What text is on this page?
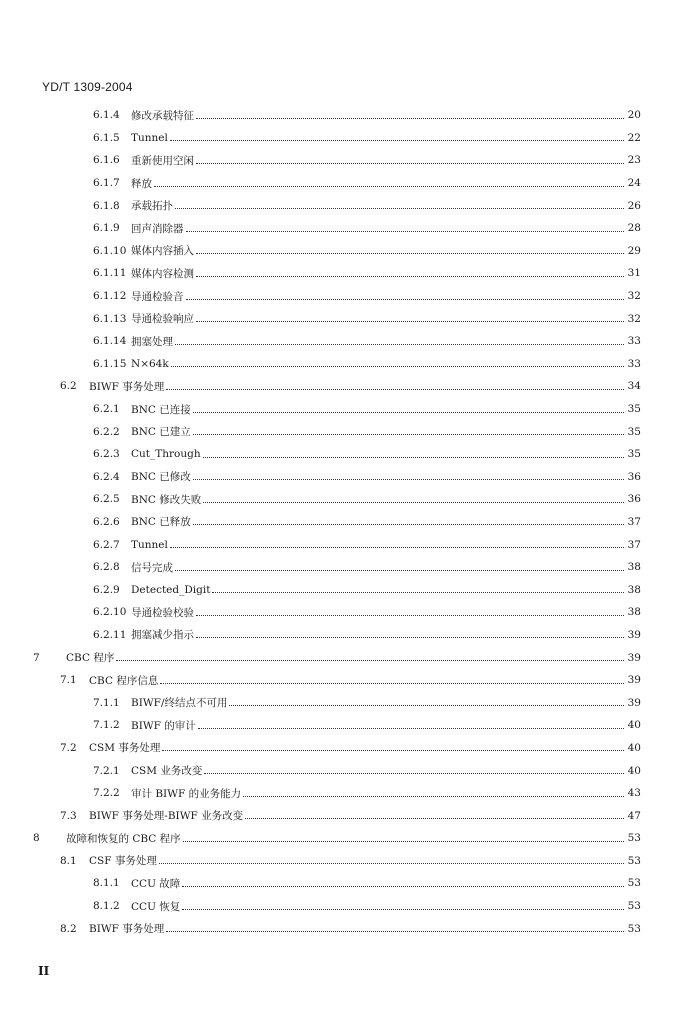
YD/T 1309-2004
6.1.4	修改承载特征	20
6.1.5	Tunnel	22
6.1.6	重新使用空闲	23
6.1.7	释放	24
6.1.8	承载拓扑	26
6.1.9	回声消除器	28
6.1.10 媒体内容插入	29
6.1.11 媒体内容检测	31
6.1.12 导通检验音	32
6.1.13 导通检验响应	32
6.1.14 拥塞处理	33
6.1.15 N×64k	33
6.2	BIWF 事务处理	34
6.2.1	BNC 已连接	35
6.2.2	BNC 已建立	35
6.2.3	Cut_Through	35
6.2.4	BNC 已修改	36
6.2.5	BNC 修改失败	36
6.2.6	BNC 已释放	37
6.2.7	Tunnel	37
6.2.8	信号完成	38
6.2.9	Detected_Digit	38
6.2.10 导通检验校验	38
6.2.11 拥塞减少指示	39
7	CBC 程序	39
7.1	CBC 程序信息	39
7.1.1	BIWF/终结点不可用	39
7.1.2	BIWF 的审计	40
7.2	CSM 事务处理	40
7.2.1	CSM 业务改变	40
7.2.2	审计 BIWF 的业务能力	43
7.3	BIWF 事务处理-BIWF 业务改变	47
8	故障和恢复的 CBC 程序	53
8.1	CSF 事务处理	53
8.1.1	CCU 故障	53
8.1.2	CCU 恢复	53
8.2	BIWF 事务处理	53
II
